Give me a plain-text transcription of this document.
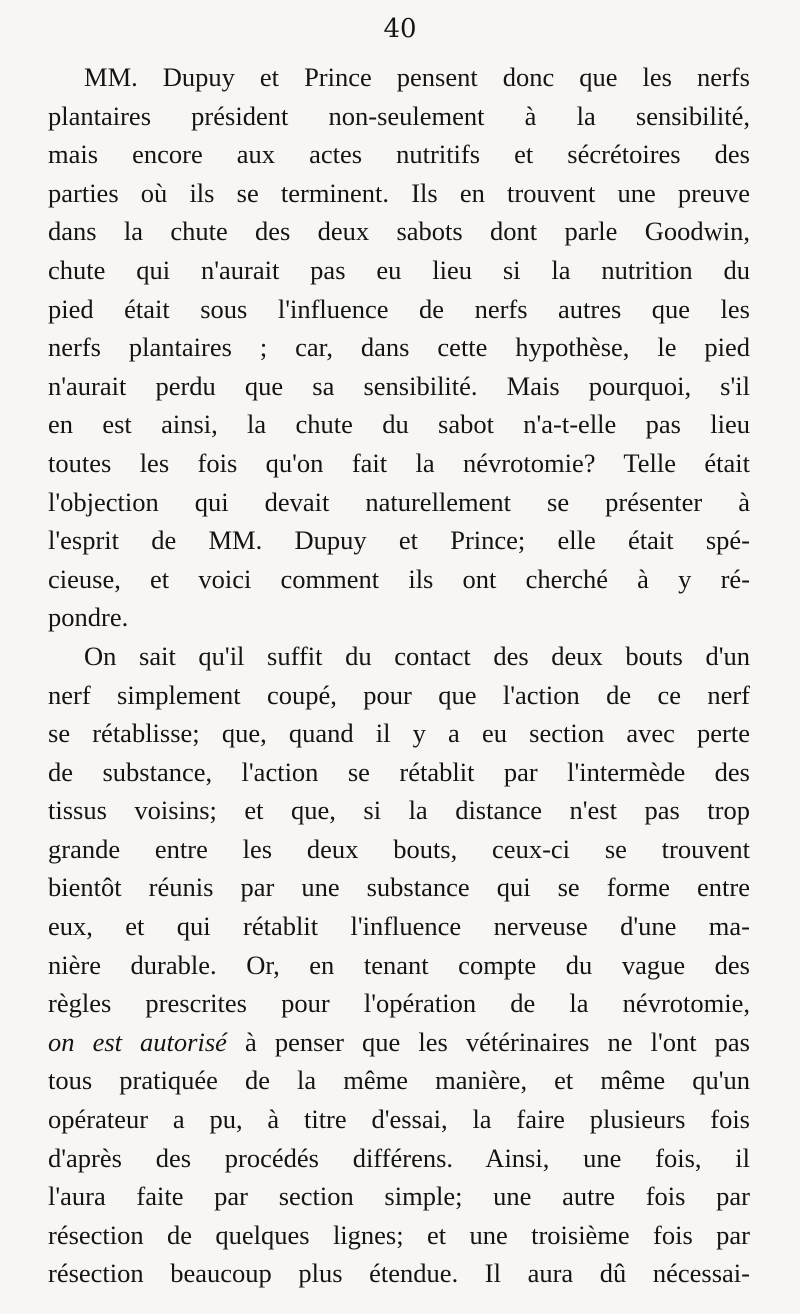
40
MM. Dupuy et Prince pensent donc que les nerfs
plantaires président non-seulement à la sensibilité,
mais encore aux actes nutritifs et sécrétoires des
parties où ils se terminent. Ils en trouvent une preuve
dans la chute des deux sabots dont parle Goodwin,
chute qui n'aurait pas eu lieu si la nutrition du
pied était sous l'influence de nerfs autres que les
nerfs plantaires ; car, dans cette hypothèse, le pied
n'aurait perdu que sa sensibilité. Mais pourquoi, s'il
en est ainsi, la chute du sabot n'a-t-elle pas lieu
toutes les fois qu'on fait la névrotomie? Telle était
l'objection qui devait naturellement se présenter à
l'esprit de MM. Dupuy et Prince; elle était spé-
cieuse, et voici comment ils ont cherché à y ré-
pondre.
On sait qu'il suffit du contact des deux bouts d'un
nerf simplement coupé, pour que l'action de ce nerf
se rétablisse; que, quand il y a eu section avec perte
de substance, l'action se rétablit par l'intermède des
tissus voisins; et que, si la distance n'est pas trop
grande entre les deux bouts, ceux-ci se trouvent
bientôt réunis par une substance qui se forme entre
eux, et qui rétablit l'influence nerveuse d'une ma-
nière durable. Or, en tenant compte du vague des
règles prescrites pour l'opération de la névrotomie,
on est autorisé à penser que les vétérinaires ne l'ont pas
tous pratiquée de la même manière, et même qu'un
opérateur a pu, à titre d'essai, la faire plusieurs fois
d'après des procédés différens. Ainsi, une fois, il
l'aura faite par section simple; une autre fois par
résection de quelques lignes; et une troisième fois par
résection beaucoup plus étendue. Il aura dû nécessai-
